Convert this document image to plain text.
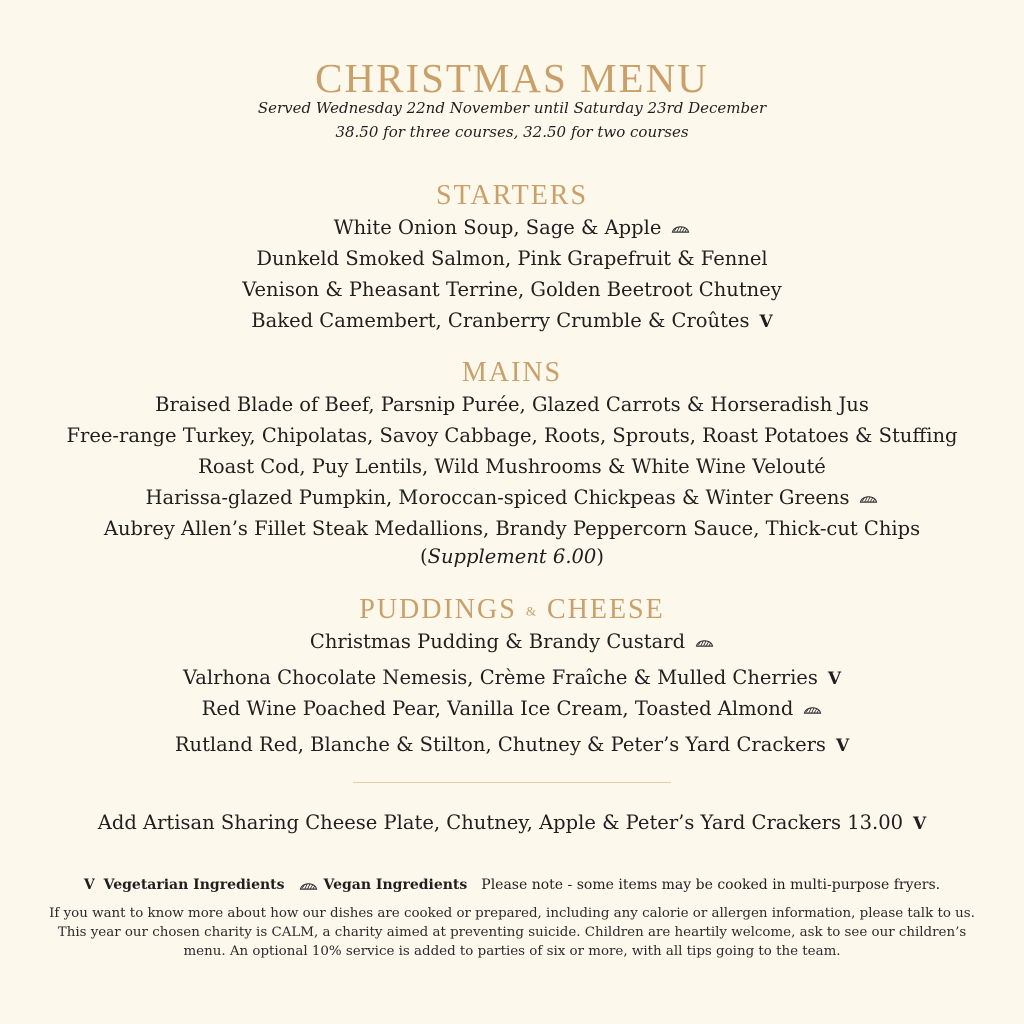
CHRISTMAS MENU
Served Wednesday 22nd November until Saturday 23rd December
38.50 for three courses, 32.50 for two courses
STARTERS
White Onion Soup, Sage & Apple
Dunkeld Smoked Salmon, Pink Grapefruit & Fennel
Venison & Pheasant Terrine, Golden Beetroot Chutney
Baked Camembert, Cranberry Crumble & Croûtes V
MAINS
Braised Blade of Beef, Parsnip Purée, Glazed Carrots & Horseradish Jus
Free-range Turkey, Chipolatas, Savoy Cabbage, Roots, Sprouts, Roast Potatoes & Stuffing
Roast Cod, Puy Lentils, Wild Mushrooms & White Wine Velouté
Harissa-glazed Pumpkin, Moroccan-spiced Chickpeas & Winter Greens
Aubrey Allen’s Fillet Steak Medallions, Brandy Peppercorn Sauce, Thick-cut Chips
(Supplement 6.00)
PUDDINGS & CHEESE
Christmas Pudding & Brandy Custard
Valrhona Chocolate Nemesis, Crème Fraîche & Mulled Cherries V
Red Wine Poached Pear, Vanilla Ice Cream, Toasted Almond
Rutland Red, Blanche & Stilton, Chutney & Peter’s Yard Crackers V
Add Artisan Sharing Cheese Plate, Chutney, Apple & Peter’s Yard Crackers 13.00 V
V Vegetarian Ingredients	Vegan Ingredients Please note - some items may be cooked in multi-purpose fryers.
If you want to know more about how our dishes are cooked or prepared, including any calorie or allergen information, please talk to us. This year our chosen charity is CALM, a charity aimed at preventing suicide. Children are heartily welcome, ask to see our children’s menu. An optional 10% service is added to parties of six or more, with all tips going to the team.
